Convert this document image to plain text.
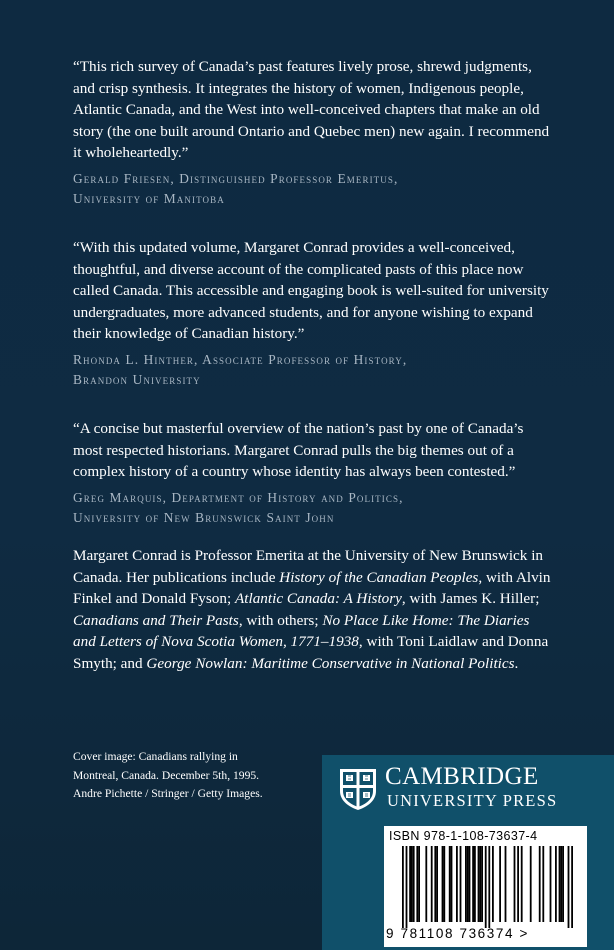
“This rich survey of Canada’s past features lively prose, shrewd judgments, and crisp synthesis. It integrates the history of women, Indigenous people, Atlantic Canada, and the West into well-conceived chapters that make an old story (the one built around Ontario and Quebec men) new again. I recommend it wholeheartedly.”

Gerald Friesen, Distinguished Professor Emeritus,
University of Manitoba

“With this updated volume, Margaret Conrad provides a well-conceived, thoughtful, and diverse account of the complicated pasts of this place now called Canada. This accessible and engaging book is well-suited for university undergraduates, more advanced students, and for anyone wishing to expand their knowledge of Canadian history.”

Rhonda L. Hinther, Associate Professor of History,
Brandon University

“A concise but masterful overview of the nation’s past by one of Canada’s most respected historians. Margaret Conrad pulls the big themes out of a complex history of a country whose identity has always been contested.”

Greg Marquis, Department of History and Politics,
University of New Brunswick Saint John
Margaret Conrad is Professor Emerita at the University of New Brunswick in Canada. Her publications include History of the Canadian Peoples, with Alvin Finkel and Donald Fyson; Atlantic Canada: A History, with James K. Hiller; Canadians and Their Pasts, with others; No Place Like Home: The Diaries and Letters of Nova Scotia Women, 1771–1938, with Toni Laidlaw and Donna Smyth; and George Nowlan: Maritime Conservative in National Politics.
Cover image: Canadians rallying in Montreal, Canada. December 5th, 1995. Andre Pichette / Stringer / Getty Images.
CAMBRIDGE
UNIVERSITY PRESS
ISBN 978-1-108-73637-4
9 781108 736374 >
